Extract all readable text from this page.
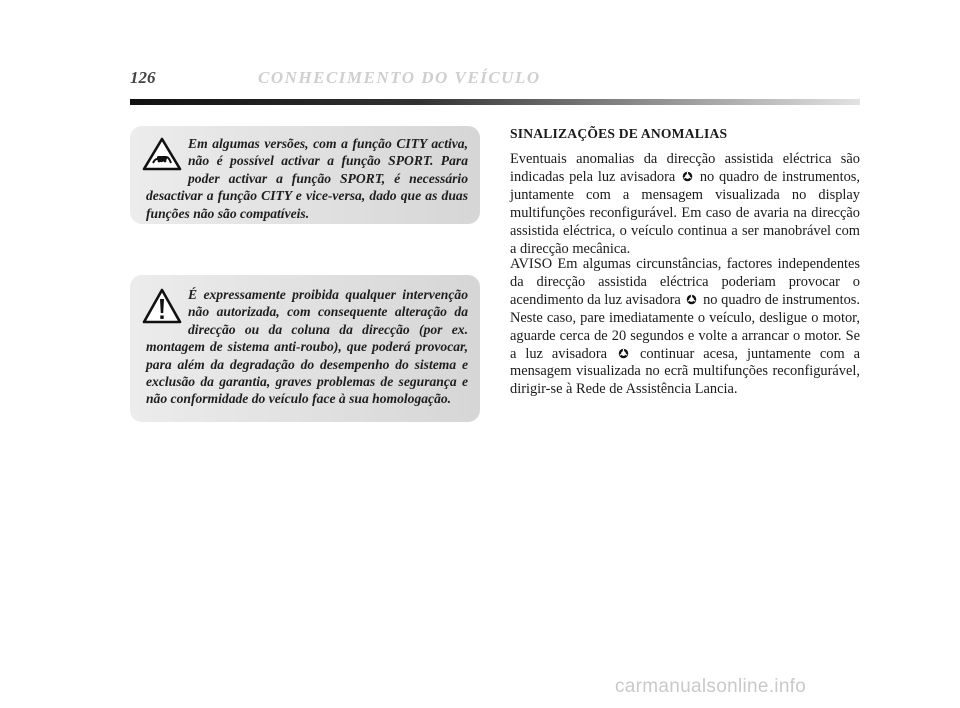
126	CONHECIMENTO DO VEÍCULO
Em algumas versões, com a função CITY activa, não é possível activar a função SPORT. Para poder activar a função SPORT, é necessário desactivar a função CITY e vice-versa, dado que as duas funções não são compatíveis.
É expressamente proibida qualquer intervenção não autorizada, com consequente alteração da direcção ou da coluna da direcção (por ex. montagem de sistema anti-roubo), que poderá provocar, para além da degradação do desempenho do sistema e exclusão da garantia, graves problemas de segurança e não conformidade do veículo face à sua homologação.
SINALIZAÇÕES DE ANOMALIAS

Eventuais anomalias da direcção assistida eléctrica são indicadas pela luz avisadora no quadro de instrumentos, juntamente com a mensagem visualizada no display multifunções reconfigurável. Em caso de avaria na direcção assistida eléctrica, o veículo continua a ser manobrável com a direcção mecânica.

AVISO Em algumas circunstâncias, factores independentes da direcção assistida eléctrica poderiam provocar o acendimento da luz avisadora no quadro de instrumentos. Neste caso, pare imediatamente o veículo, desligue o motor, aguarde cerca de 20 segundos e volte a arrancar o motor. Se a luz avisadora continuar acesa, juntamente com a mensagem visualizada no ecrã multifunções reconfigurável, dirigir-se à Rede de Assistência Lancia.

carmanualsonline.info
